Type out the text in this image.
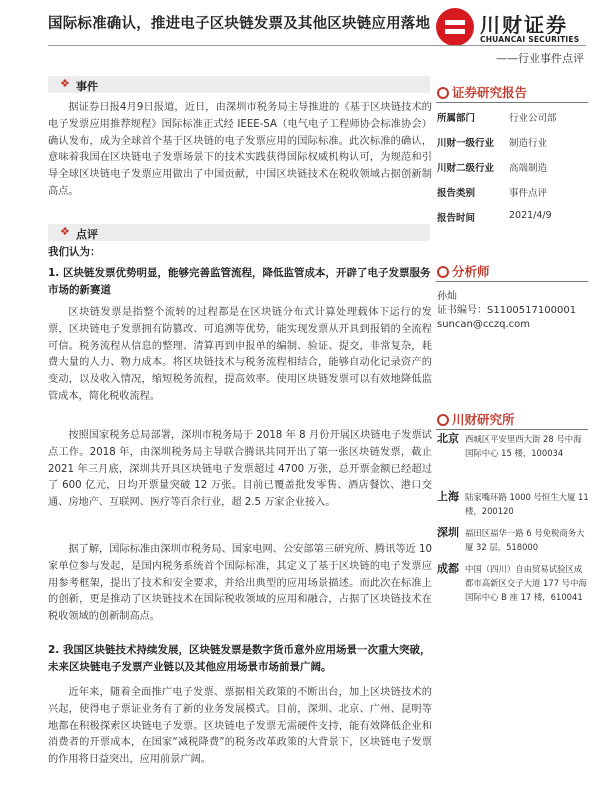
国际标准确认，推进电子区块链发票及其他区块链应用落地 川财证券
CHUANCAI SECURITIES
——行业事件点评
❖ 事件

据证券日报4月9日报道，近日，由深圳市税务局主导推进的《基于区块链技术的电子发票应用推荐规程》国际标准正式经 IEEE-SA（电气电子工程师协会标准协会）确认发布，成为全球首个基于区块链的电子发票应用的国际标准。此次标准的确认，意味着我国在区块链电子发票场景下的技术实践获得国际权威机构认可，为规范和引导全球区块链电子发票应用做出了中国贡献，中国区块链技术在税收领域占据创新制高点。

❖ 点评
我们认为：
1. 区块链发票优势明显，能够完善监管流程，降低监管成本，开辟了电子发票服务市场的新赛道

区块链发票是指整个流转的过程都是在区块链分布式计算处理载体下运行的发票，区块链电子发票拥有防篡改、可追溯等优势，能实现发票从开具到报销的全流程可信。税务流程从信息的整理、清算再到申报单的编制、验证、提交，非常复杂，耗费大量的人力、物力成本。将区块链技术与税务流程相结合，能够自动化记录资产的变动，以及收入情况，缩短税务流程，提高效率。使用区块链发票可以有效地降低监管成本，简化税收流程。

按照国家税务总局部署，深圳市税务局于 2018 年 8 月份开展区块链电子发票试点工作。2018 年，由深圳税务局主导联合腾讯共同开出了第一张区块链发票，截止 2021 年三月底，深圳共开具区块链电子发票超过 4700 万张，总开票金额已经超过了 600 亿元，日均开票量突破 12 万张。目前已覆盖批发零售、酒店餐饮、港口交通、房地产、互联网、医疗等百余行业，超 2.5 万家企业接入。

据了解，国际标准由深圳市税务局、国家电网、公安部第三研究所、腾讯等近 10 家单位参与发起，是国内税务系统首个国际标准，其定义了基于区块链的电子发票应用参考框架，提出了技术和安全要求，并给出典型的应用场景描述。而此次在标准上的创新，更是推动了区块链技术在国际税收领域的应用和融合，占据了区块链技术在税收领域的创新制高点。

2. 我国区块链技术持续发展，区块链发票是数字货币意外应用场景一次重大突破，未来区块链电子发票产业链以及其他应用场景市场前景广阔。

近年来，随着全面推广电子发票、票据相关政策的不断出台，加上区块链技术的兴起，使得电子票证业务有了新的业务发展模式。目前，深圳、北京、广州、昆明等地都在积极探索区块链电子发票。区块链电子发票无需硬件支持，能有效降低企业和消费者的开票成本，在国家“减税降费”的税务改革政策的大背景下，区块链电子发票的作用将日益突出，应用前景广阔。

证券研究报告
所属部门	行业公司部
川财一级行业 制造行业
川财二级行业 高端制造
报告类别	事件点评
报告时间	2021/4/9
分析师
孙灿
证书编号：S1100517100001
suncan@cczq.com
川财研究所
北京 西城区平安里西大街 28 号中海国际中心 15 楼，100034
上海 陆家嘴环路 1000 号恒生大厦 11 楼，200120
深圳 福田区福华一路 6 号免税商务大厦 32 层，518000
成都 中国（四川）自由贸易试验区成都市高新区交子大道 177 号中海国际中心 B 座 17 楼，610041
